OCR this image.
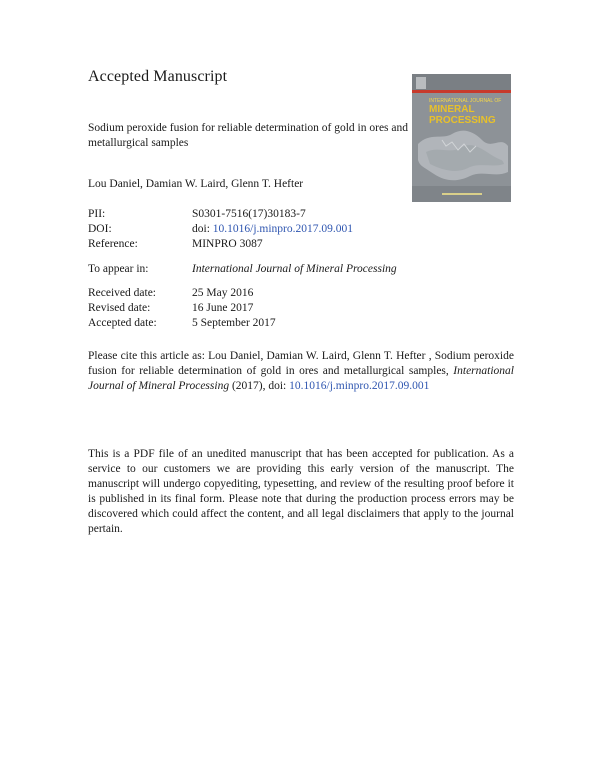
Accepted Manuscript
Sodium peroxide fusion for reliable determination of gold in ores and metallurgical samples
Lou Daniel, Damian W. Laird, Glenn T. Hefter
INTERNATIONAL JOURNAL OF
MINERAL
PROCESSING
PII:	S0301-7516(17)30183-7
DOI:	doi: 10.1016/j.minpro.2017.09.001
Reference:	MINPRO 3087
To appear in:	International Journal of Mineral Processing
Received date:	25 May 2016
Revised date:	16 June 2017
Accepted date:	5 September 2017
Please cite this article as: Lou Daniel, Damian W. Laird, Glenn T. Hefter , Sodium peroxide fusion for reliable determination of gold in ores and metallurgical samples, International Journal of Mineral Processing (2017), doi: 10.1016/j.minpro.2017.09.001
This is a PDF file of an unedited manuscript that has been accepted for publication. As a service to our customers we are providing this early version of the manuscript. The manuscript will undergo copyediting, typesetting, and review of the resulting proof before it is published in its final form. Please note that during the production process errors may be discovered which could affect the content, and all legal disclaimers that apply to the journal pertain.
